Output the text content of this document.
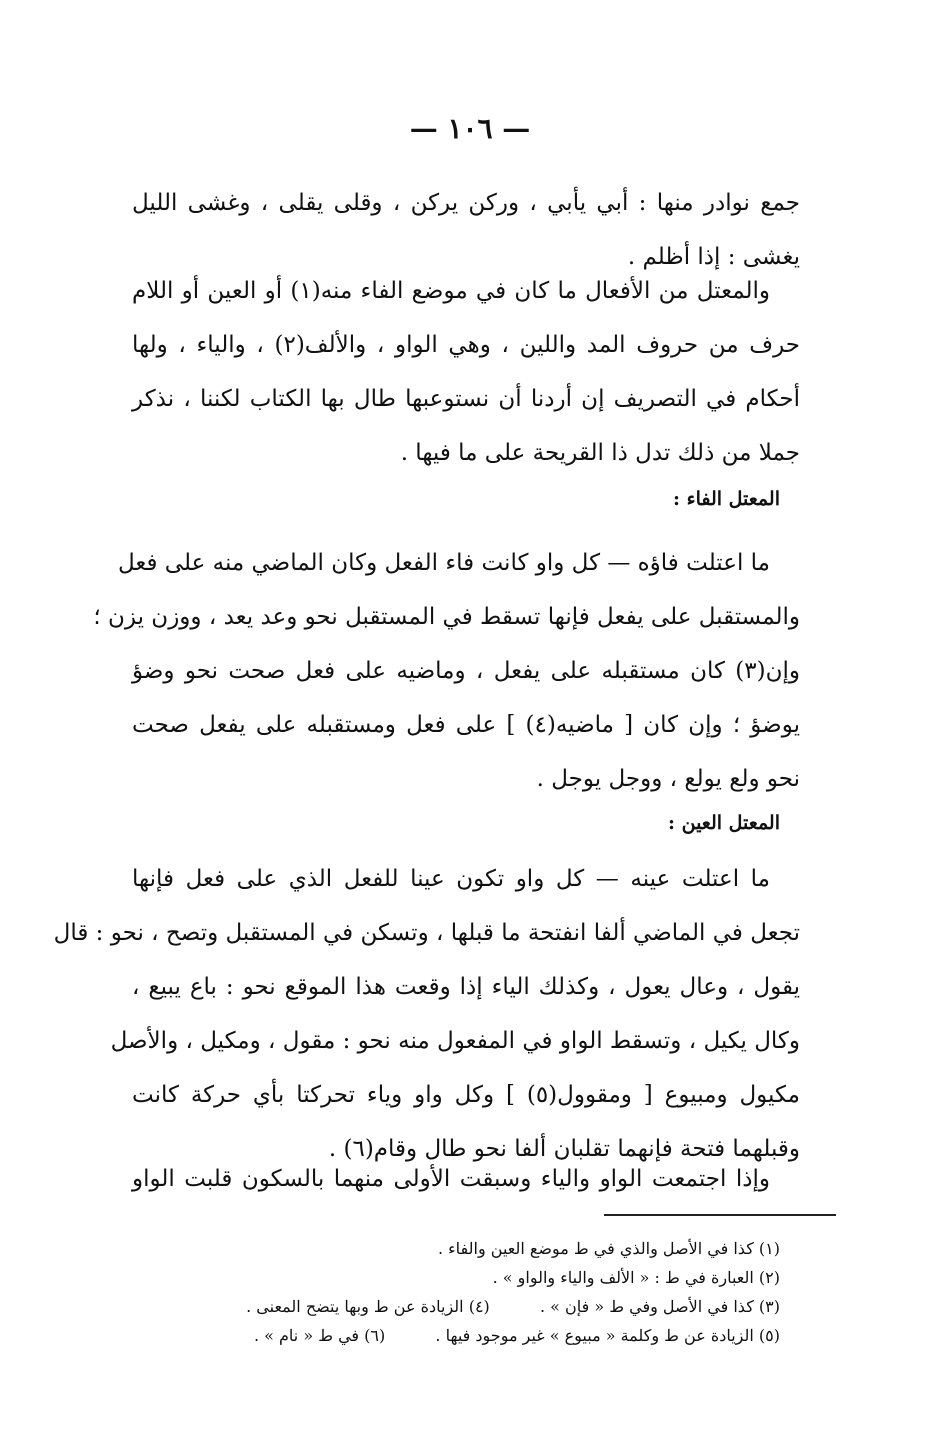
— ١٠٦ —
جمع نوادر منها : أبي يأبي ، وركن يركن ، وقلى يقلى ، وغشى الليل
يغشى : إذا أظلم .
والمعتل من الأفعال ما كان في موضع الفاء منه(١) أو العين أو اللام
حرف من حروف المد واللين ، وهي الواو ، والألف(٢) ، والياء ، ولها
أحكام في التصريف إن أردنا أن نستوعبها طال بها الكتاب لكننا ، نذكر
جملا من ذلك تدل ذا القريحة على ما فيها .
المعتل الفاء :
ما اعتلت فاؤه — كل واو كانت فاء الفعل وكان الماضي منه على فعل
والمستقبل على يفعل فإنها تسقط في المستقبل نحو وعد يعد ، ووزن يزن ؛
وإن(٣) كان مستقبله على يفعل ، وماضيه على فعل صحت نحو وضؤ
يوضؤ ؛ وإن كان [ ماضيه(٤) ] على فعل ومستقبله على يفعل صحت
نحو ولع يولع ، ووجل يوجل .
المعتل العين :
ما اعتلت عينه — كل واو تكون عينا للفعل الذي على فعل فإنها
تجعل في الماضي ألفا انفتحة ما قبلها ، وتسكن في المستقبل وتصح ، نحو : قال
يقول ، وعال يعول ، وكذلك الياء إذا وقعت هذا الموقع نحو : باع يبيع ،
وكال يكيل ، وتسقط الواو في المفعول منه نحو : مقول ، ومكيل ، والأصل
مكيول ومبيوع [ ومقوول(٥) ] وكل واو وياء تحركتا بأي حركة كانت
وقبلهما فتحة فإنهما تقلبان ألفا نحو طال وقام(٦) .
وإذا اجتمعت الواو والياء وسبقت الأولى منهما بالسكون قلبت الواو
(١) كذا في الأصل والذي في ط موضع العين والفاء .
(٢) العبارة في ط : « الألف والياء والواو » .
(٣) كذا في الأصل وفي ط « فإن » .  (٤) الزيادة عن ط وبها يتضح المعنى .
(٥) الزيادة عن ط وكلمة « مبيوع » غير موجود فيها .  (٦) في ط « نام » .
